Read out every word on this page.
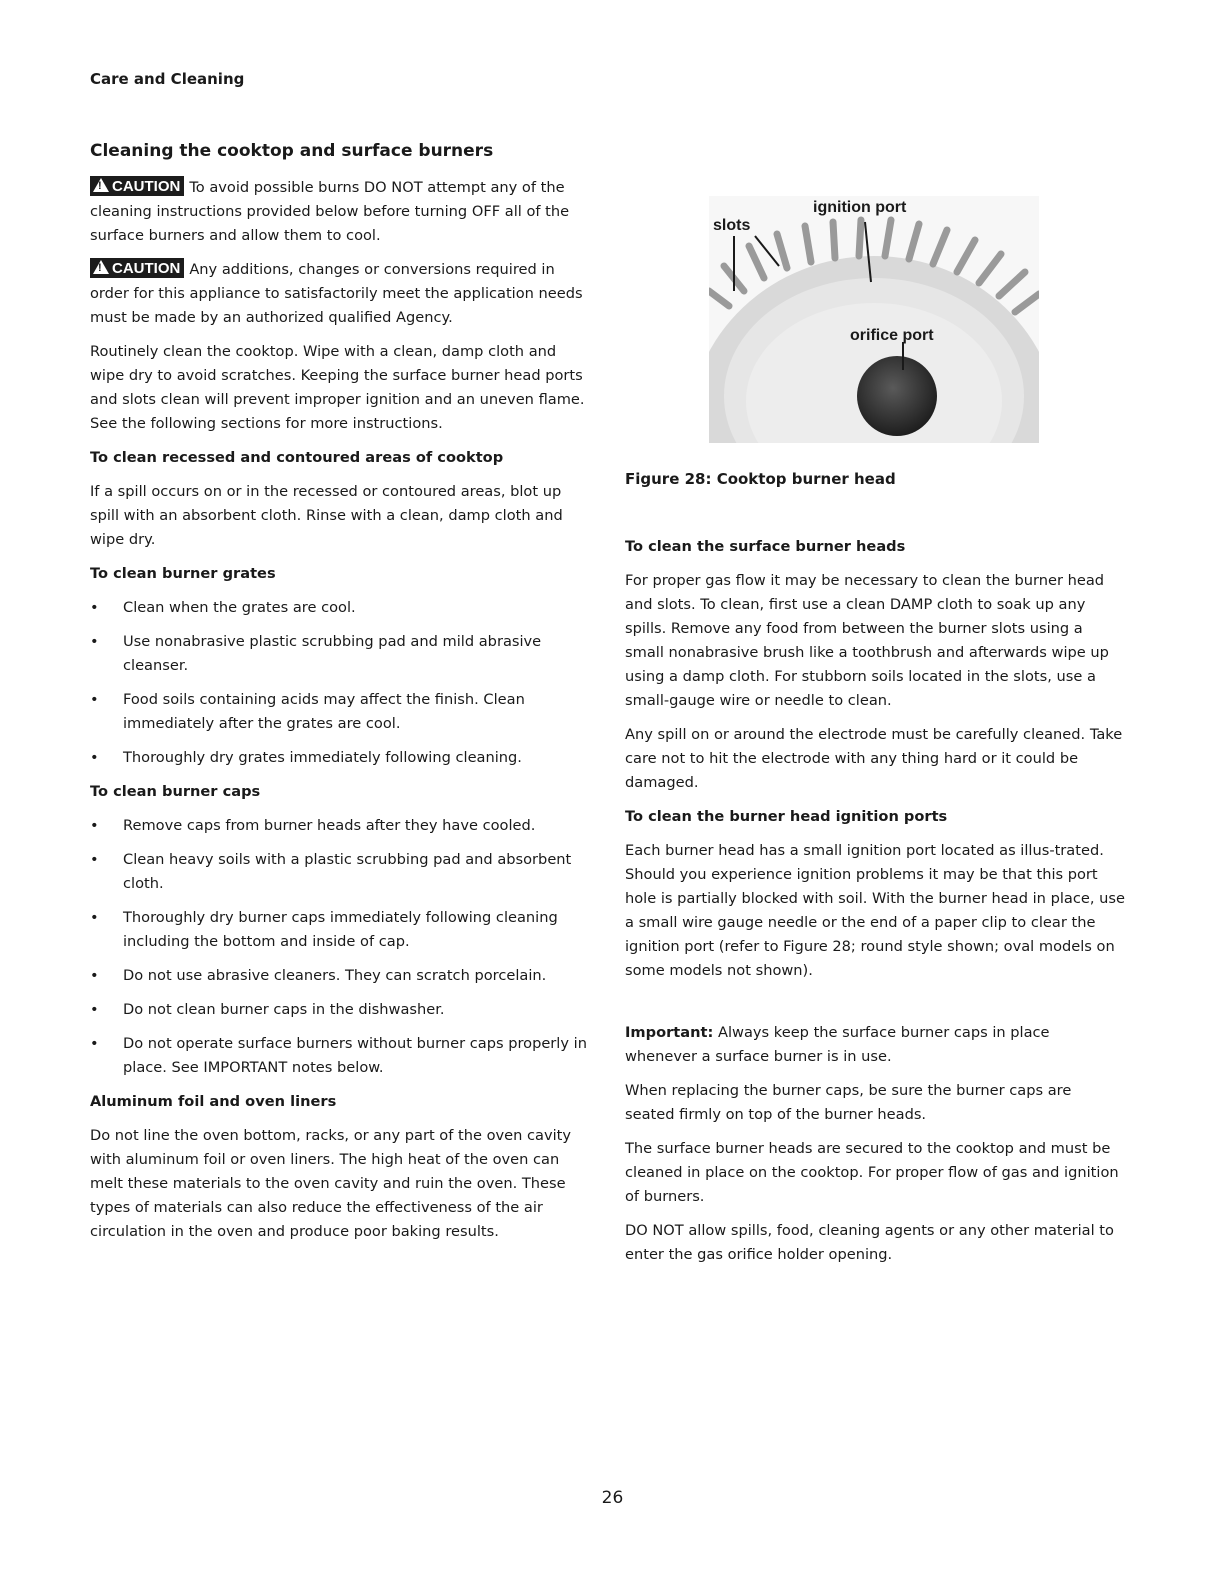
Care and Cleaning

Cleaning the cooktop and surface burners

! CAUTION To avoid possible burns DO NOT attempt any of the cleaning instructions provided below before turning OFF all of the surface burners and allow them to cool.

! CAUTION Any additions, changes or conversions required in order for this appliance to satisfactorily meet the application needs must be made by an authorized qualified Agency.

Routinely clean the cooktop. Wipe with a clean, damp cloth and wipe dry to avoid scratches. Keeping the surface burner head ports and slots clean will prevent improper ignition and an uneven flame. See the following sections for more instructions.

To clean recessed and contoured areas of cooktop

If a spill occurs on or in the recessed or contoured areas, blot up spill with an absorbent cloth. Rinse with a clean, damp cloth and wipe dry.

To clean burner grates
• Clean when the grates are cool.
• Use nonabrasive plastic scrubbing pad and mild abrasive cleanser.
• Food soils containing acids may affect the finish. Clean immediately after the grates are cool.
• Thoroughly dry grates immediately following cleaning.
To clean burner caps
• Remove caps from burner heads after they have cooled.
• Clean heavy soils with a plastic scrubbing pad and absorbent cloth.
• Thoroughly dry burner caps immediately following cleaning including the bottom and inside of cap.
• Do not use abrasive cleaners. They can scratch porcelain.
• Do not clean burner caps in the dishwasher.
• Do not operate surface burners without burner caps properly in place. See IMPORTANT notes below.
Aluminum foil and oven liners

Do not line the oven bottom, racks, or any part of the oven cavity with aluminum foil or oven liners. The high heat of the oven can melt these materials to the oven cavity and ruin the oven. These types of materials can also reduce the effectiveness of the air circulation in the oven and produce poor baking results.

slots
ignition port
orifice port

Figure 28: Cooktop burner head

To clean the surface burner heads

For proper gas flow it may be necessary to clean the burner head and slots. To clean, first use a clean DAMP cloth to soak up any spills. Remove any food from between the burner slots using a small nonabrasive brush like a toothbrush and afterwards wipe up using a damp cloth. For stubborn soils located in the slots, use a small-gauge wire or needle to clean.

Any spill on or around the electrode must be carefully cleaned. Take care not to hit the electrode with any thing hard or it could be damaged.

To clean the burner head ignition ports

Each burner head has a small ignition port located as illus-trated. Should you experience ignition problems it may be that this port hole is partially blocked with soil. With the burner head in place, use a small wire gauge needle or the end of a paper clip to clear the ignition port (refer to Figure 28; round style shown; oval models on some models not shown).

Important: Always keep the surface burner caps in place whenever a surface burner is in use.

When replacing the burner caps, be sure the burner caps are seated firmly on top of the burner heads.

The surface burner heads are secured to the cooktop and must be cleaned in place on the cooktop. For proper flow of gas and ignition of burners.

DO NOT allow spills, food, cleaning agents or any other material to enter the gas orifice holder opening.

26
